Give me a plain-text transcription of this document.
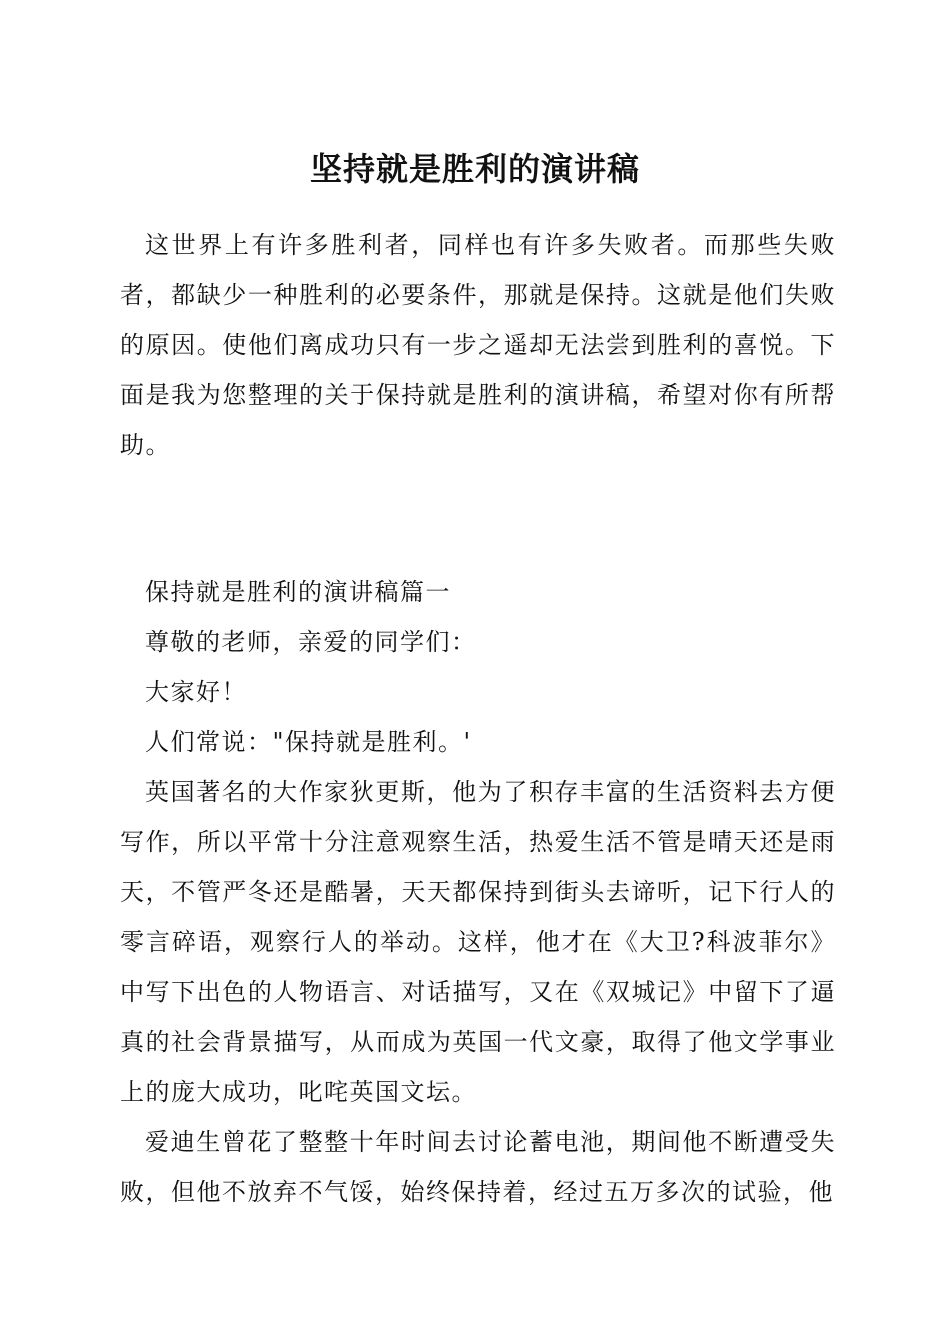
坚持就是胜利的演讲稿

这世界上有许多胜利者，同样也有许多失败者。而那些失败者，都缺少一种胜利的必要条件，那就是保持。这就是他们失败的原因。使他们离成功只有一步之遥却无法尝到胜利的喜悦。下面是我为您整理的关于保持就是胜利的演讲稿，希望对你有所帮助。

保持就是胜利的演讲稿篇一

尊敬的老师，亲爱的同学们：

大家好！

人们常说："保持就是胜利。'

英国著名的大作家狄更斯，他为了积存丰富的生活资料去方便写作，所以平常十分注意观察生活，热爱生活不管是晴天还是雨天，不管严冬还是酷暑，天天都保持到街头去谛听，记下行人的零言碎语，观察行人的举动。这样，他才在《大卫?科波菲尔》中写下出色的人物语言、对话描写，又在《双城记》中留下了逼真的社会背景描写，从而成为英国一代文豪，取得了他文学事业上的庞大成功，叱咤英国文坛。

爱迪生曾花了整整十年时间去讨论蓄电池，期间他不断遭受失败，但他不放弃不气馁，始终保持着，经过五万多次的试验，他
